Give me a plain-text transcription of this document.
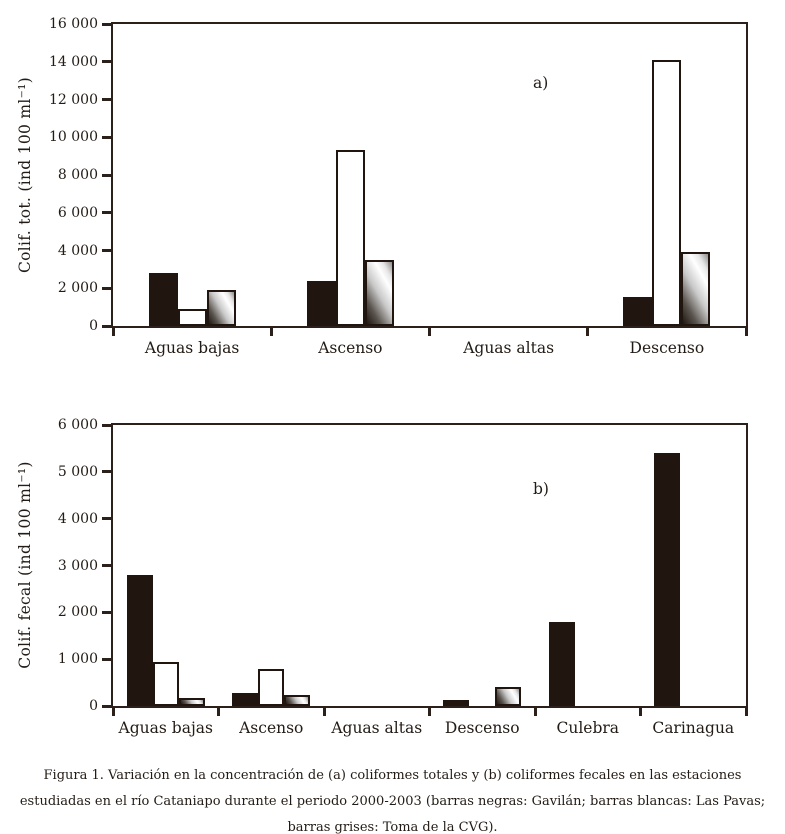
Colif. tot. (ind 100 ml⁻¹)	a)
0
2 000
4 000
6 000
8 000
10 000
12 000
14 000
16 000
Aguas bajas	Ascenso	Aguas altas	Descenso
Colif. fecal (ind 100 ml⁻¹)	b)
0
1 000
2 000
3 000
4 000
5 000
6 000
Aguas bajas Ascenso Aguas altas Descenso Culebra Carinagua
Figura 1. Variación en la concentración de (a) coliformes totales y (b) coliformes fecales en las estaciones
estudiadas en el río Cataniapo durante el periodo 2000-2003 (barras negras: Gavilán; barras blancas: Las Pavas;
barras grises: Toma de la CVG).
